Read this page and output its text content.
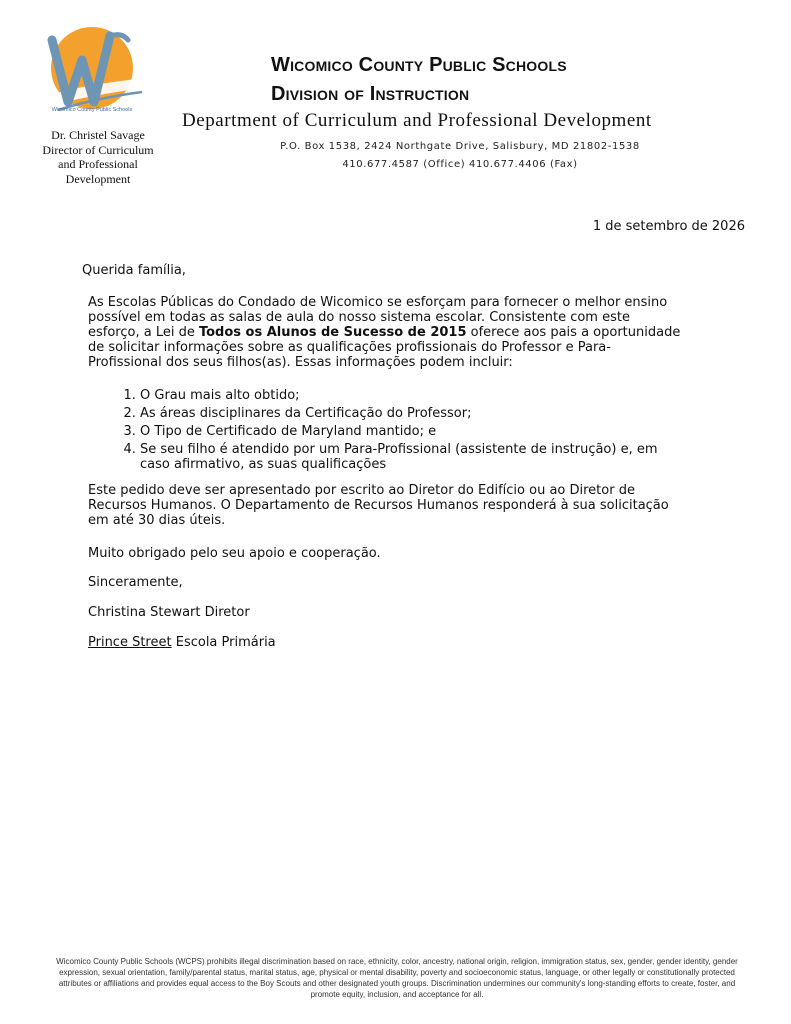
Wicomico County Public Schools
Dr. Christel Savage
Director of Curriculum
and Professional
Development
Wicomico County Public Schools
Division of Instruction
Department of Curriculum and Professional Development
P.O. Box 1538, 2424 Northgate Drive, Salisbury, MD 21802-1538
410.677.4587 (Office) 410.677.4406 (Fax)
1 de setembro de 2026

Querida família,

As Escolas Públicas do Condado de Wicomico se esforçam para fornecer o melhor ensino possível em todas as salas de aula do nosso sistema escolar. Consistente com este esforço, a Lei de Todos os Alunos de Sucesso de 2015 oferece aos pais a oportunidade de solicitar informações sobre as qualificações profissionais do Professor e Para-Profissional dos seus filhos(as). Essas informações podem incluir:

1. O Grau mais alto obtido;
2. As áreas disciplinares da Certificação do Professor;
3. O Tipo de Certificado de Maryland mantido; e
4. Se seu filho é atendido por um Para-Profissional (assistente de instrução) e, em caso afirmativo, as suas qualificações

Este pedido deve ser apresentado por escrito ao Diretor do Edifício ou ao Diretor de Recursos Humanos. O Departamento de Recursos Humanos responderá à sua solicitação em até 30 dias úteis.

Muito obrigado pelo seu apoio e cooperação.

Sinceramente,

Christina Stewart Diretor

Prince Street Escola Primária

Wicomico County Public Schools (WCPS) prohibits illegal discrimination based on race, ethnicity, color, ancestry, national origin, religion, immigration status, sex, gender, gender identity, gender expression, sexual orientation, family/parental status, marital status, age, physical or mental disability, poverty and socioeconomic status, language, or other legally or constitutionally protected attributes or affiliations and provides equal access to the Boy Scouts and other designated youth groups. Discrimination undermines our community's long-standing efforts to create, foster, and promote equity, inclusion, and acceptance for all.
